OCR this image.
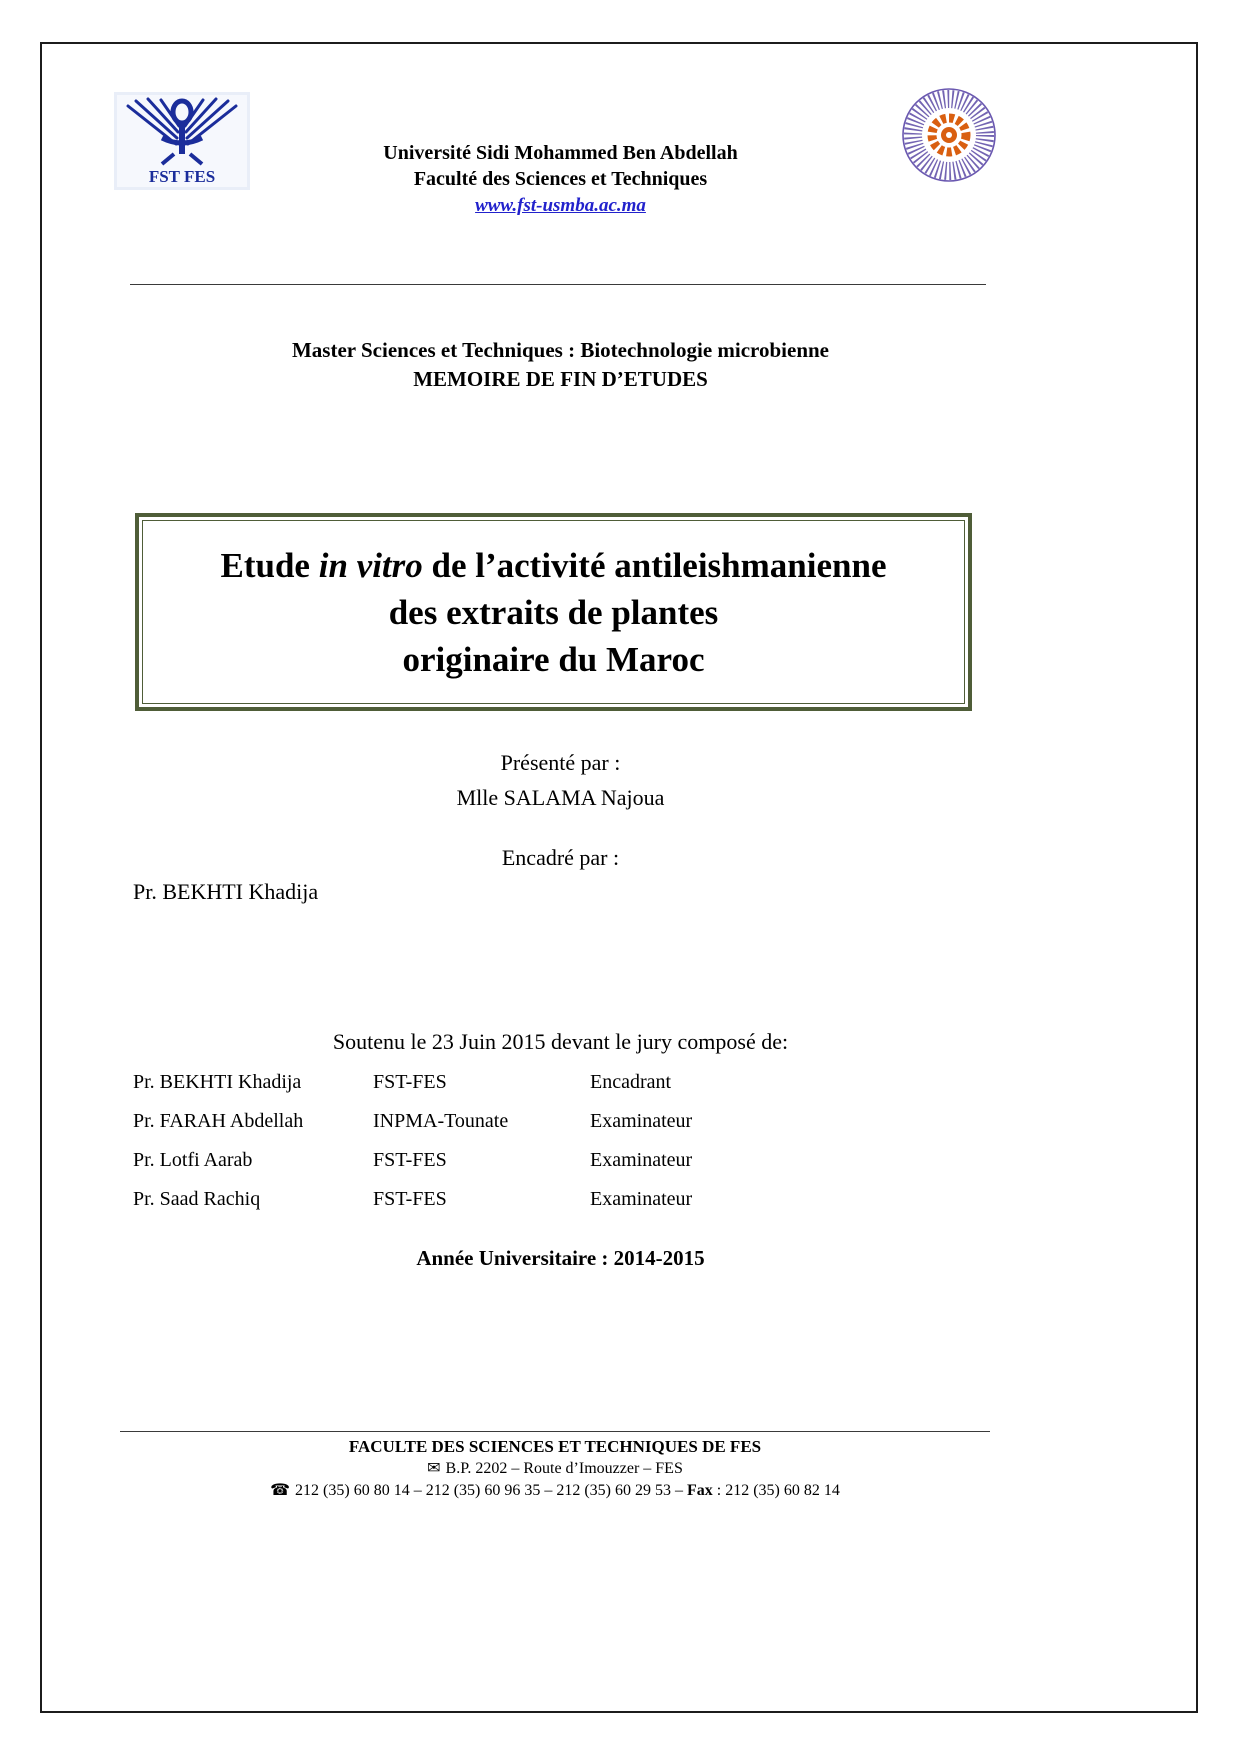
FST FES
Université Sidi Mohammed Ben Abdellah
Faculté des Sciences et Techniques
www.fst-usmba.ac.ma
Master Sciences et Techniques : Biotechnologie microbienne
MEMOIRE DE FIN D’ETUDES
Etude in vitro de l’activité antileishmanienne
des extraits de plantes
originaire du Maroc
Présenté par :
Mlle SALAMA Najoua
Encadré par :
Pr. BEKHTI Khadija
Soutenu le 23 Juin 2015 devant le jury composé de:
Pr. BEKHTI Khadija	FST-FES	Encadrant
Pr. FARAH Abdellah	INPMA-Tounate	Examinateur
Pr. Lotfi Aarab	FST-FES	Examinateur
Pr. Saad Rachiq	FST-FES	Examinateur
Année Universitaire : 2014-2015
FACULTE DES SCIENCES ET TECHNIQUES DE FES
✉ B.P. 2202 – Route d’Imouzzer – FES
☎ 212 (35) 60 80 14 – 212 (35) 60 96 35 – 212 (35) 60 29 53 – Fax : 212 (35) 60 82 14
